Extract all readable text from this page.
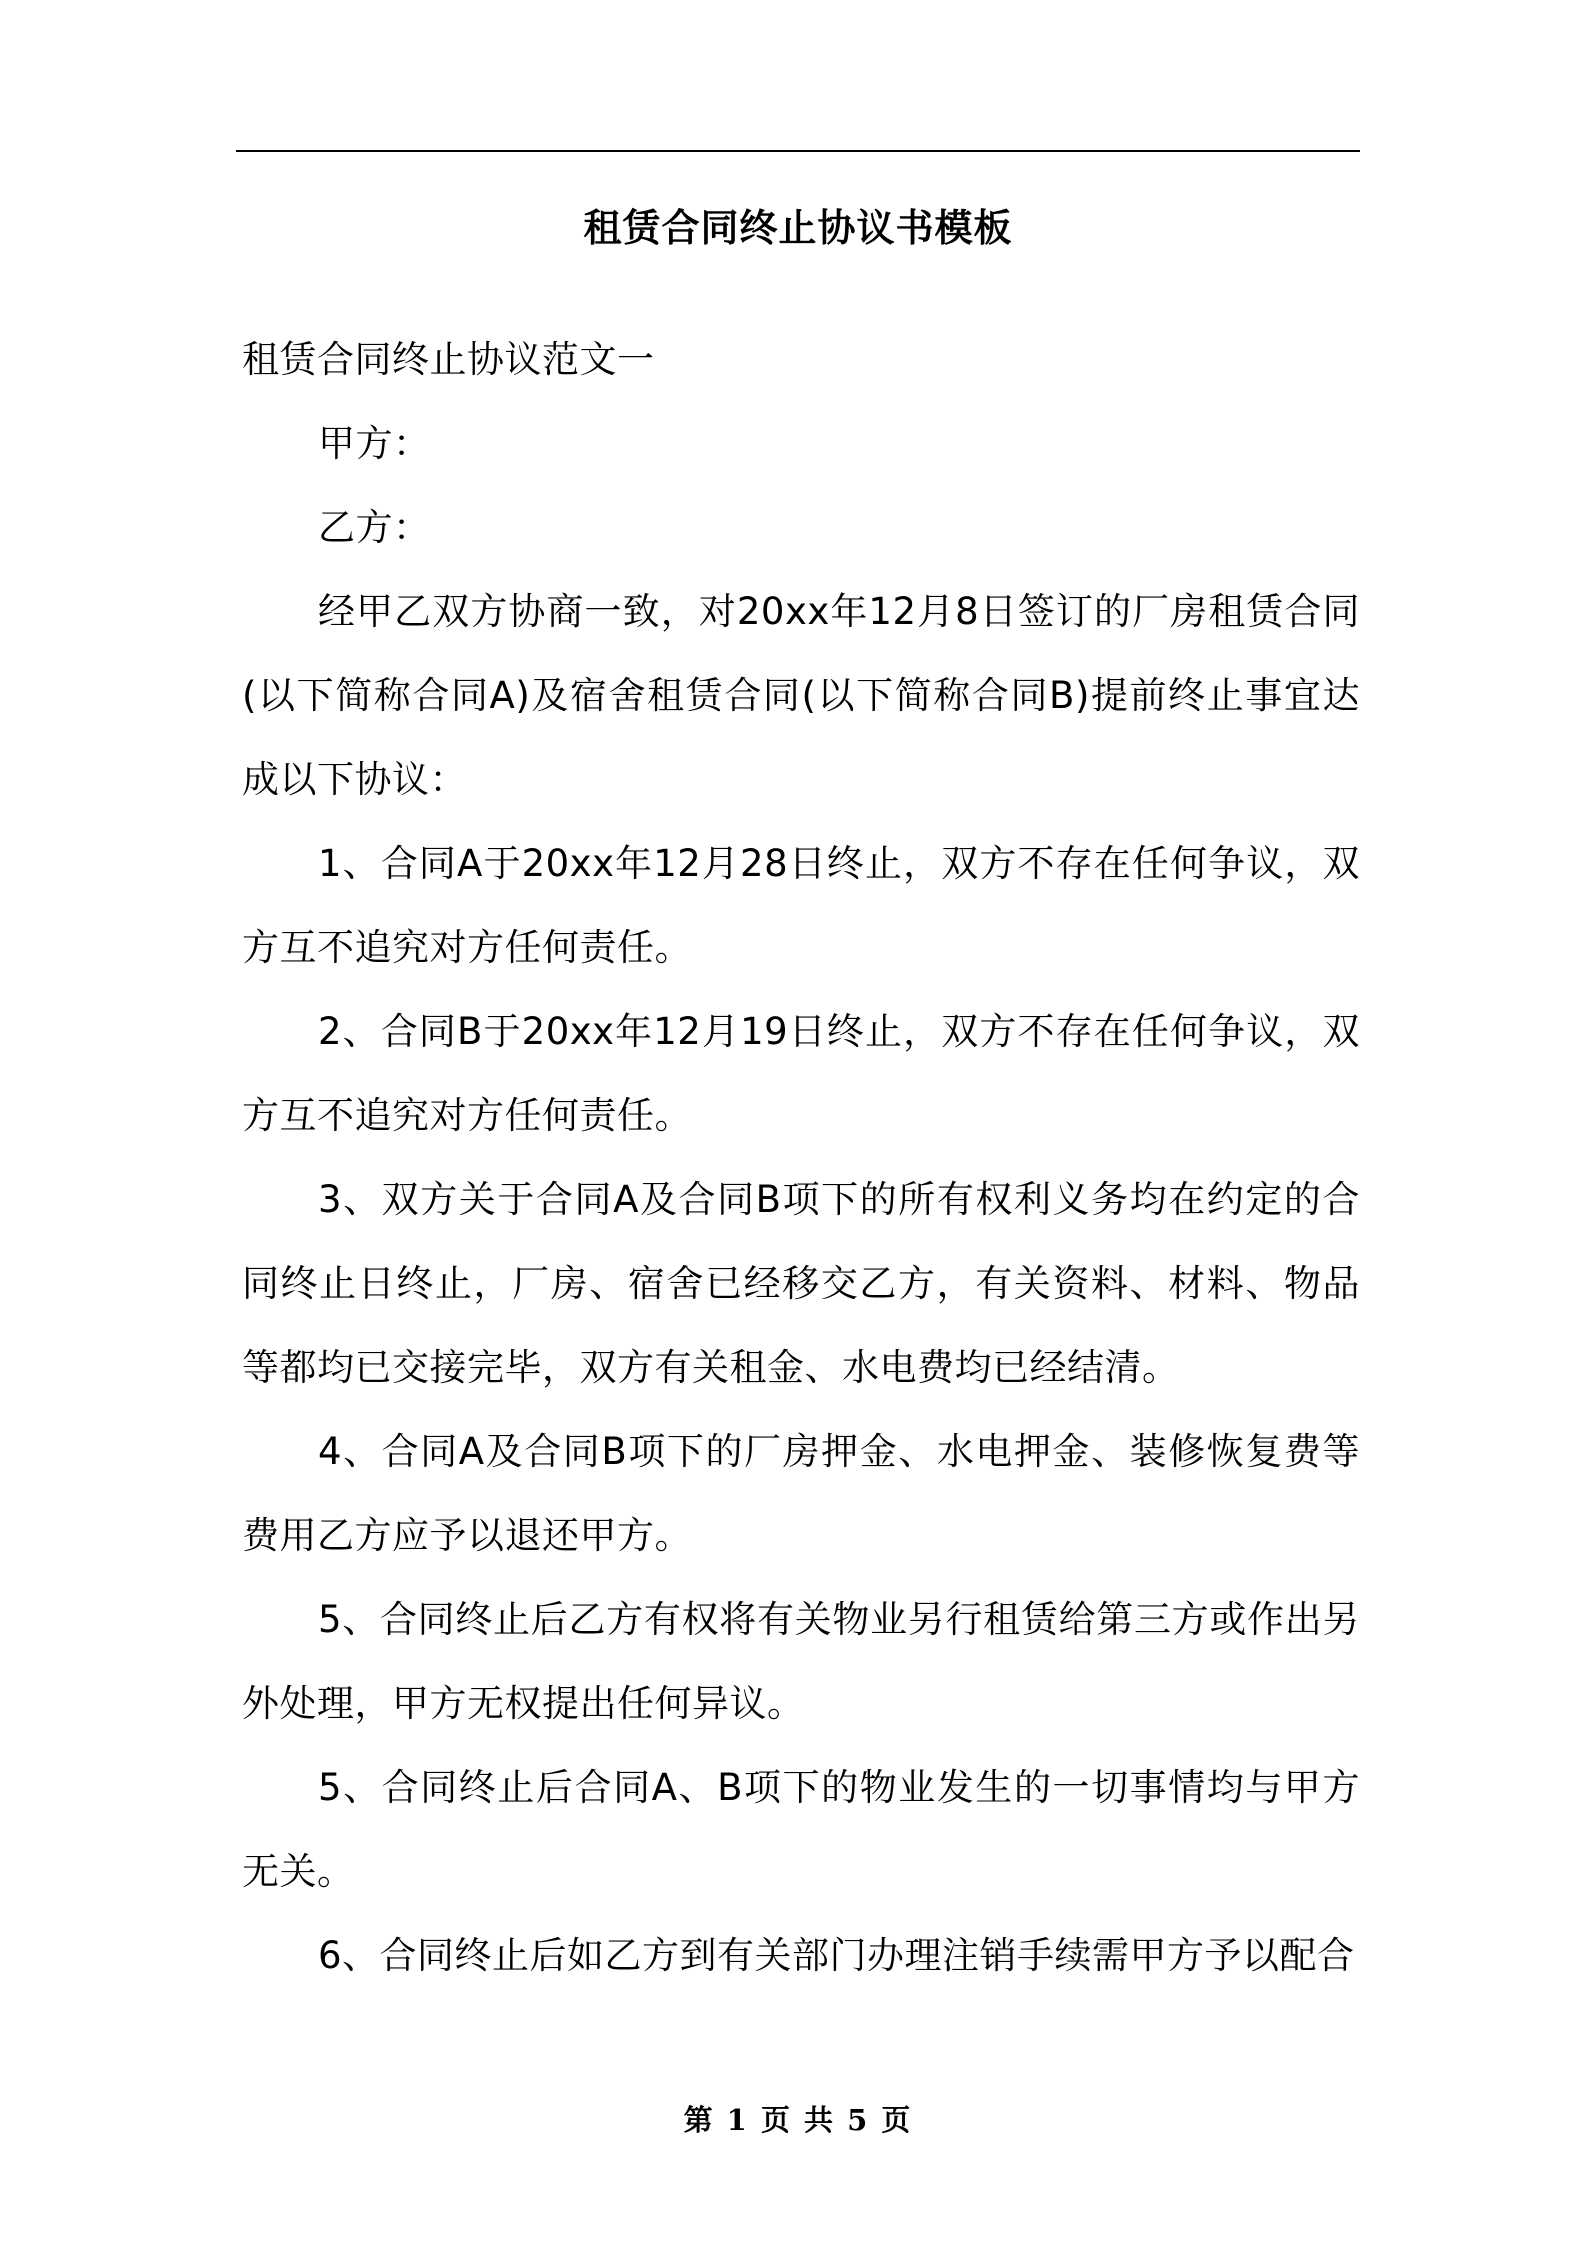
租赁合同终止协议书模板

租赁合同终止协议范文一

甲方：

乙方：

经甲乙双方协商一致，对20xx年12月8日签订的厂房租赁合同(以下简称合同A)及宿舍租赁合同(以下简称合同B)提前终止事宜达成以下协议：

1、合同A于20xx年12月28日终止，双方不存在任何争议，双方互不追究对方任何责任。

2、合同B于20xx年12月19日终止，双方不存在任何争议，双方互不追究对方任何责任。

3、双方关于合同A及合同B项下的所有权利义务均在约定的合同终止日终止，厂房、宿舍已经移交乙方，有关资料、材料、物品等都均已交接完毕，双方有关租金、水电费均已经结清。

4、合同A及合同B项下的厂房押金、水电押金、装修恢复费等费用乙方应予以退还甲方。

5、合同终止后乙方有权将有关物业另行租赁给第三方或作出另外处理，甲方无权提出任何异议。

5、合同终止后合同A、B项下的物业发生的一切事情均与甲方无关。

6、合同终止后如乙方到有关部门办理注销手续需甲方予以配合

第 1 页 共 5 页
